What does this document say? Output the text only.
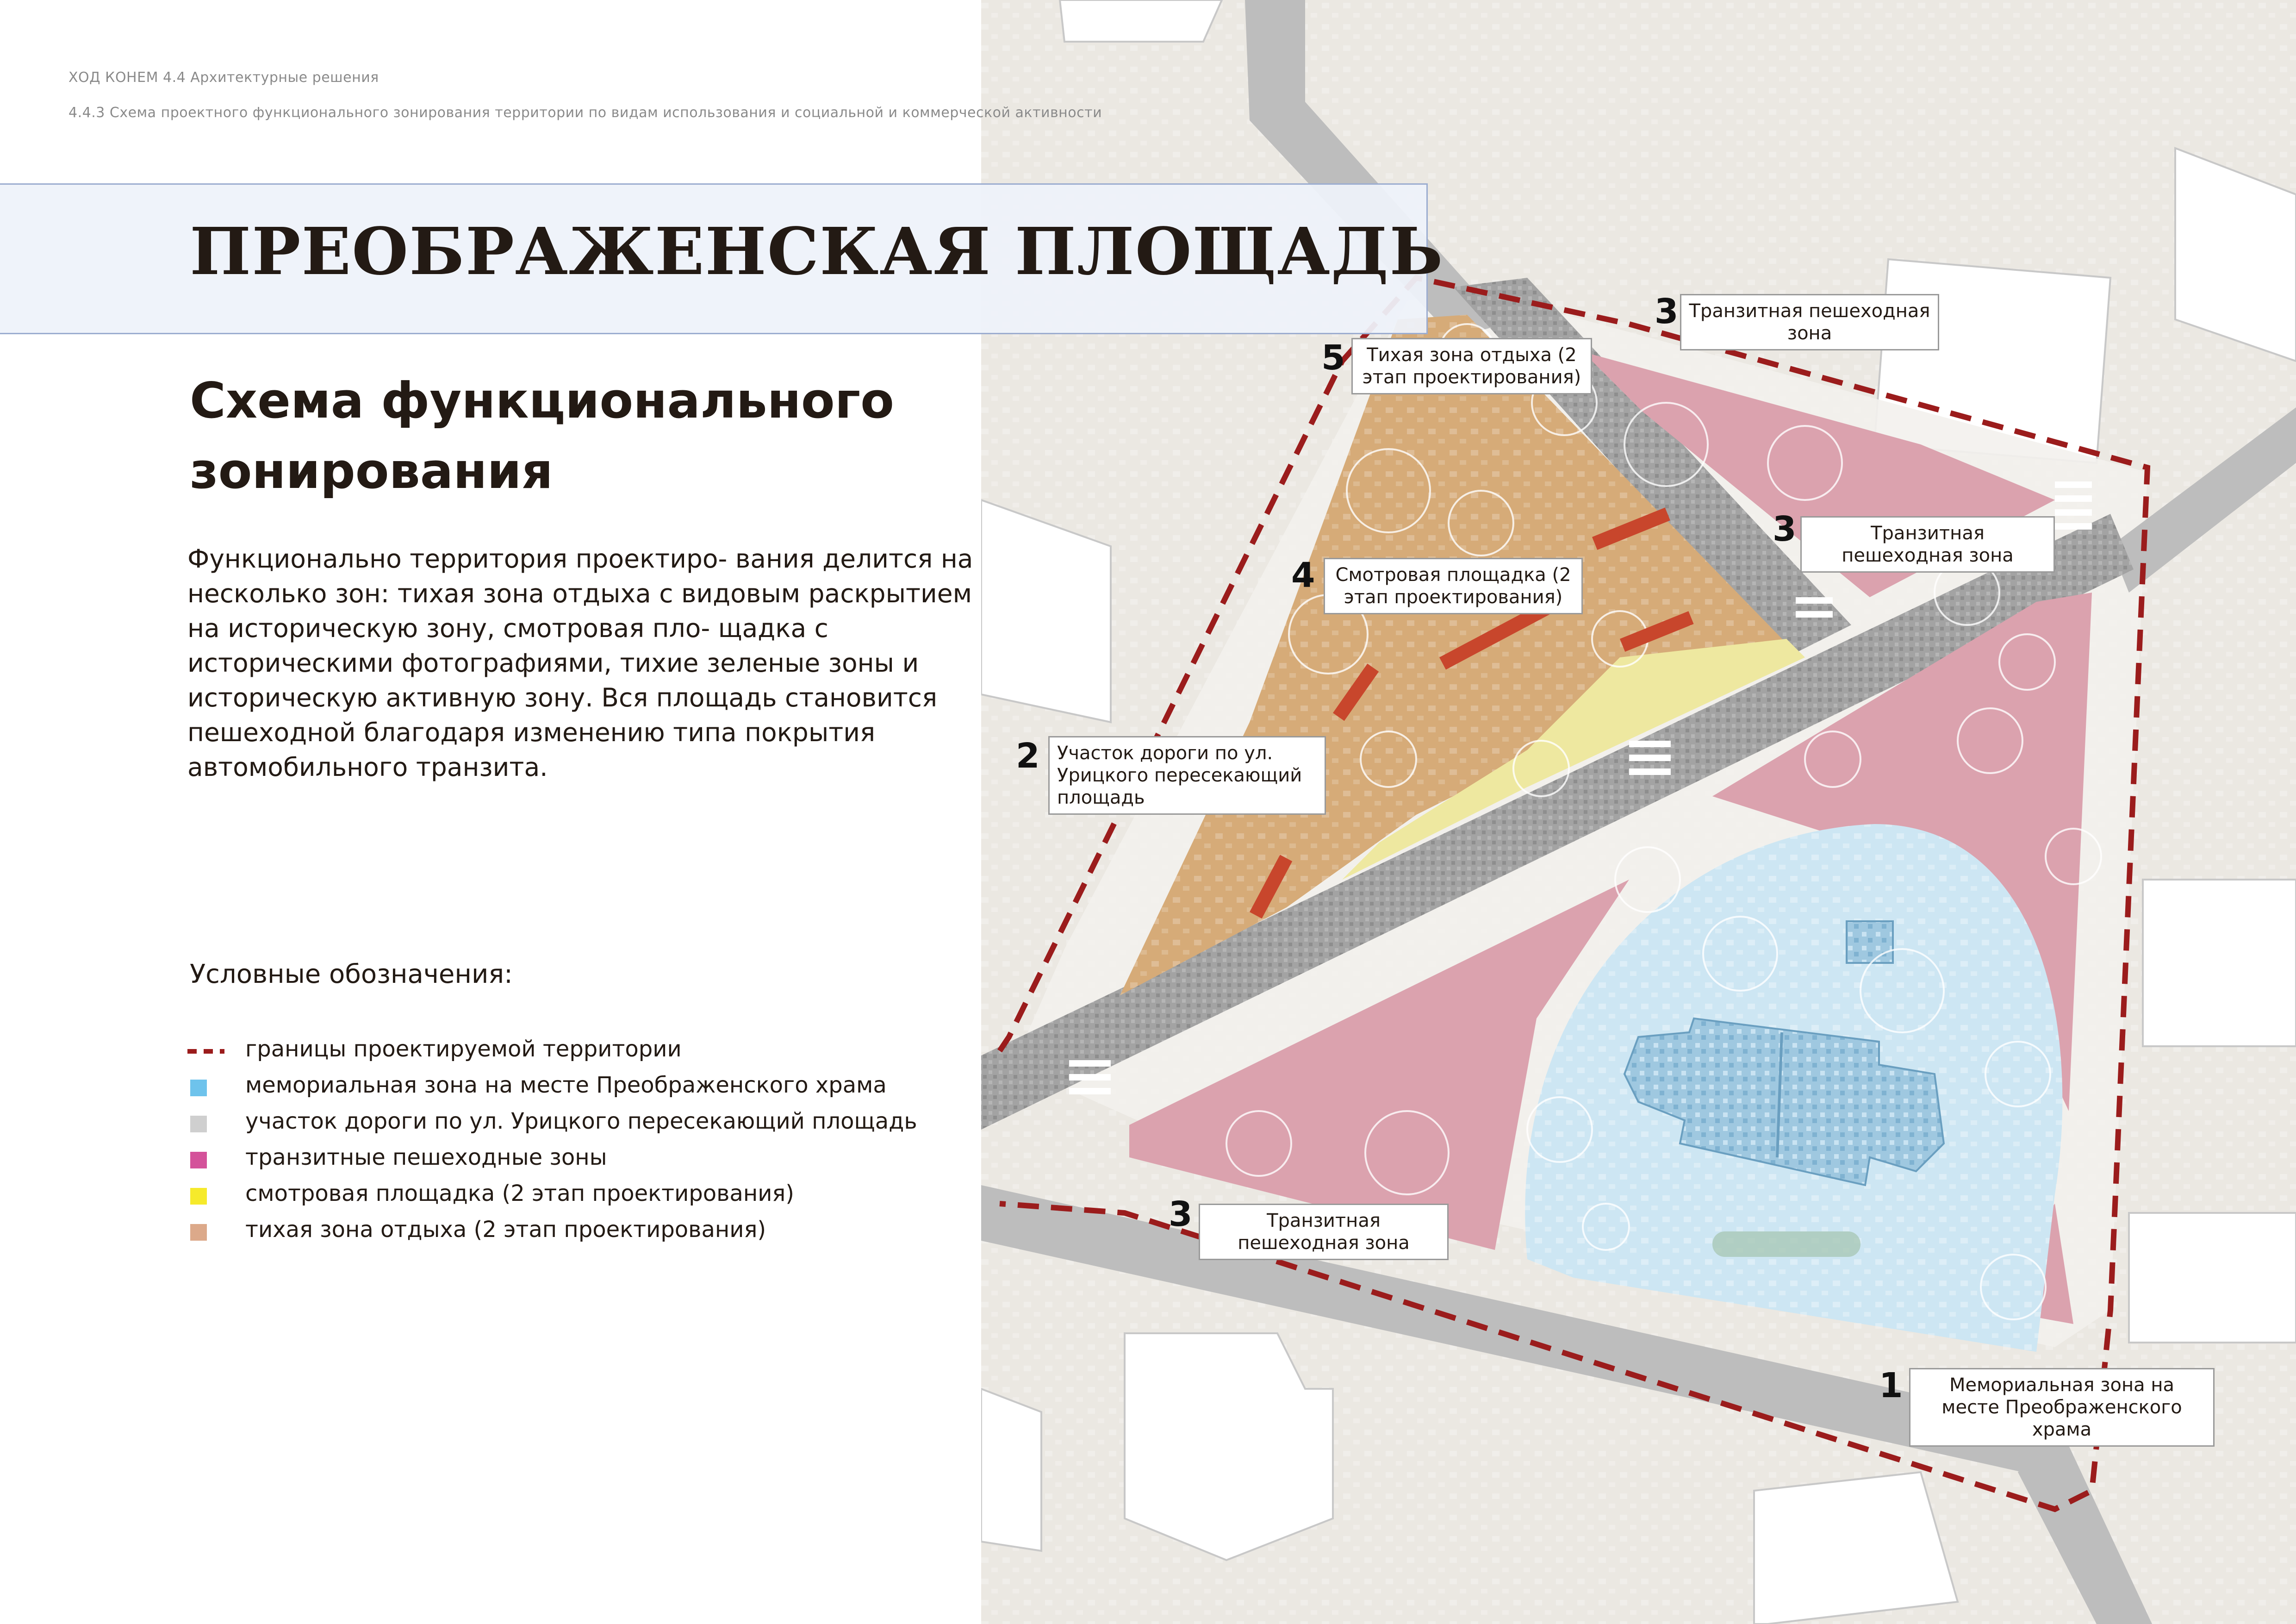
ХОД КОНЕМ 4.4 Архитектурные решения
4.4.3 Схема проектного функционального зонирования территории по видам использования и социальной и коммерческой активности
ПРЕОБРАЖЕНСКАЯ ПЛОЩАДЬ
Схема функционального зонирования
Функционально территория проектиро- вания делится на несколько зон: тихая зона отдыха с видовым раскрытием на историческую зону, смотровая пло- щадка с историческими фотографиями, тихие зеленые зоны и историческую активную зону. Вся площадь становится пешеходной благодаря изменению типа покрытия автомобильного транзита.
Условные обозначения:
границы проектируемой территории
мемориальная зона на месте Преображенского храма
участок дороги по ул. Урицкого пересекающий площадь
транзитные пешеходные зоны
смотровая площадка (2 этап проектирования)
тихая зона отдыха (2 этап проектирования)
5	Тихая зона отдыха (2 этап проектирования)
3 Транзитная пешеходная зона
3	Транзитная пешеходная зона
4	Смотровая площадка (2 этап проектирования)
2 Участок дороги по ул. Урицкого пересекающий площадь
3	Транзитная пешеходная зона
1	Мемориальная зона на месте Преображенского храма
